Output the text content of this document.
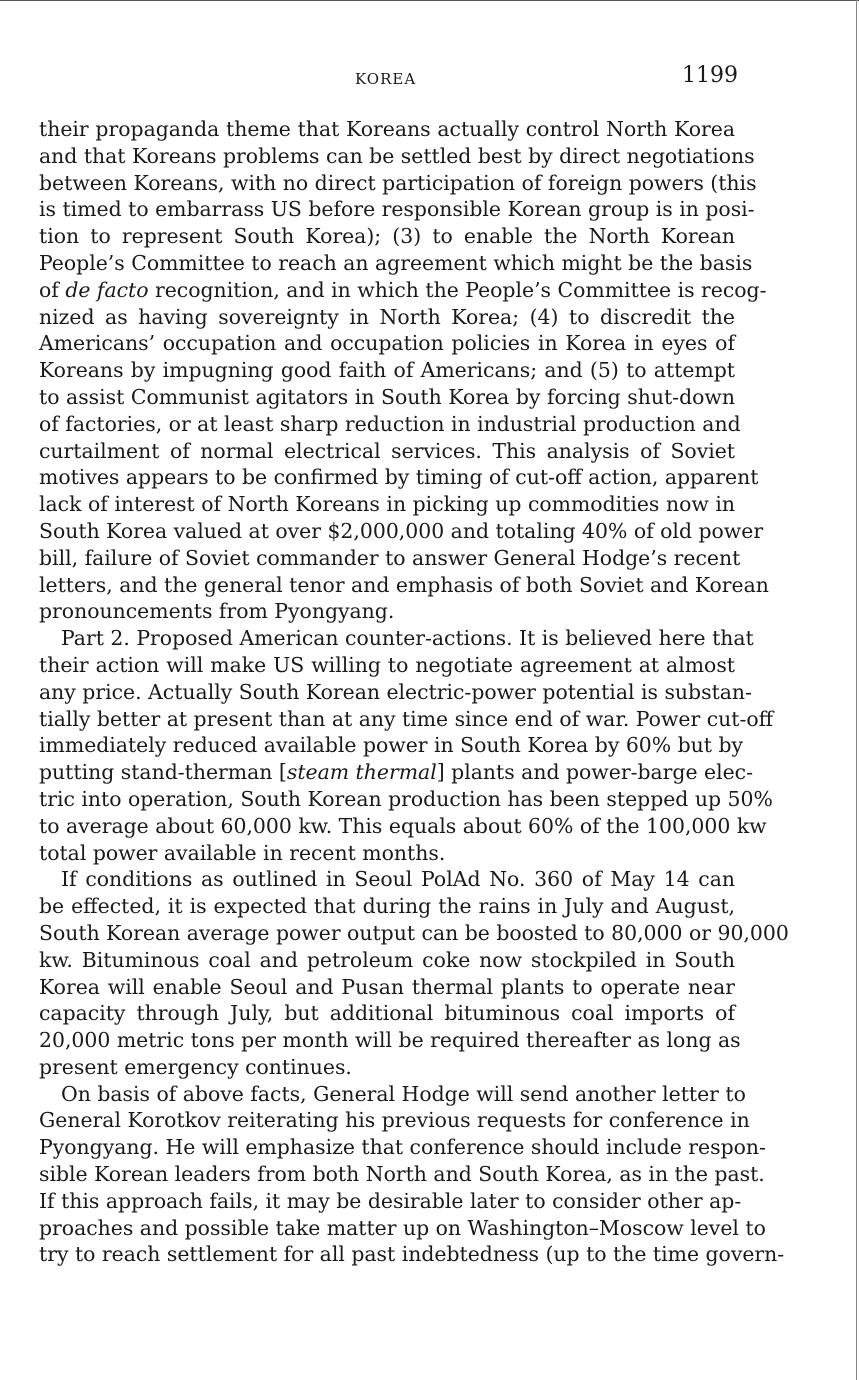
KOREA	1199
their propaganda theme that Koreans actually control North Korea
and that Koreans problems can be settled best by direct negotiations
between Koreans, with no direct participation of foreign powers (this
is timed to embarrass US before responsible Korean group is in posi-
tion to represent South Korea); (3) to enable the North Korean
People’s Committee to reach an agreement which might be the basis
of de facto recognition, and in which the People’s Committee is recog-
nized as having sovereignty in North Korea; (4) to discredit the
Americans’ occupation and occupation policies in Korea in eyes of
Koreans by impugning good faith of Americans; and (5) to attempt
to assist Communist agitators in South Korea by forcing shut-down
of factories, or at least sharp reduction in industrial production and
curtailment of normal electrical services. This analysis of Soviet
motives appears to be confirmed by timing of cut-off action, apparent
lack of interest of North Koreans in picking up commodities now in
South Korea valued at over $2,000,000 and totaling 40% of old power
bill, failure of Soviet commander to answer General Hodge’s recent
letters, and the general tenor and emphasis of both Soviet and Korean
pronouncements from Pyongyang.
Part 2. Proposed American counter-actions. It is believed here that
their action will make US willing to negotiate agreement at almost
any price. Actually South Korean electric-power potential is substan-
tially better at present than at any time since end of war. Power cut-off
immediately reduced available power in South Korea by 60% but by
putting stand-therman [steam thermal] plants and power-barge elec-
tric into operation, South Korean production has been stepped up 50%
to average about 60,000 kw. This equals about 60% of the 100,000 kw
total power available in recent months.
If conditions as outlined in Seoul PolAd No. 360 of May 14 can
be effected, it is expected that during the rains in July and August,
South Korean average power output can be boosted to 80,000 or 90,000
kw. Bituminous coal and petroleum coke now stockpiled in South
Korea will enable Seoul and Pusan thermal plants to operate near
capacity through July, but additional bituminous coal imports of
20,000 metric tons per month will be required thereafter as long as
present emergency continues.
On basis of above facts, General Hodge will send another letter to
General Korotkov reiterating his previous requests for conference in
Pyongyang. He will emphasize that conference should include respon-
sible Korean leaders from both North and South Korea, as in the past.
If this approach fails, it may be desirable later to consider other ap-
proaches and possible take matter up on Washington–Moscow level to
try to reach settlement for all past indebtedness (up to the time govern-
